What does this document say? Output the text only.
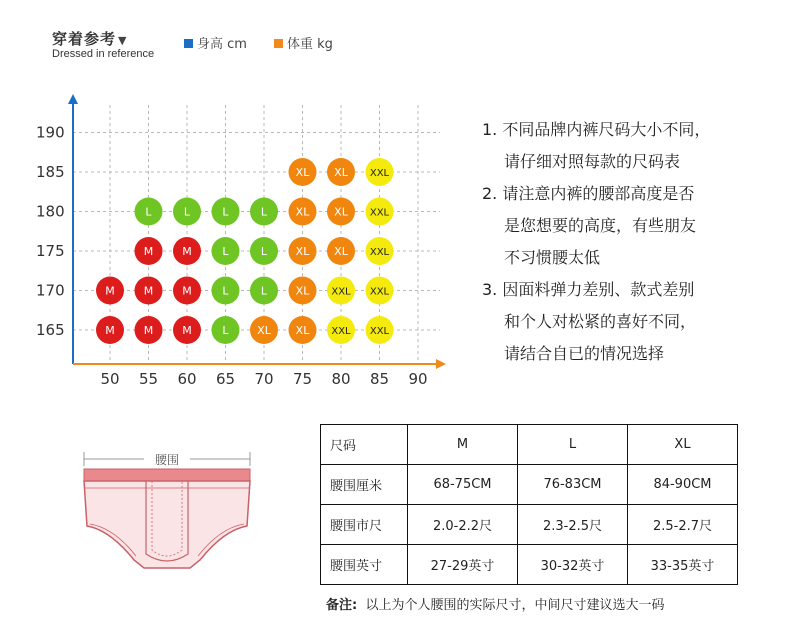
穿着参考 ▼
Dressed in reference
身高 cm	体重 kg
50 55 60 65 70 75 80 85 90
190
185
180
175
170
165
XL XL XXL
L	L	L	L	XL XL XXL
M	M	L	L	XL XL XXL
M	M	M	L	L	XL XXL XXL
M	M	M	L	XL XL XXL XXL
1. 不同品牌内裤尺码大小不同，
请仔细对照每款的尺码表
2. 请注意内裤的腰部高度是否
是您想要的高度，有些朋友
不习惯腰太低
3. 因面料弹力差别、款式差别
和个人对松紧的喜好不同，
请结合自已的情况选择
腰围
尺码	M	L	XL
腰围厘米	68-75CM	76-83CM	84-90CM
腰围市尺	2.0-2.2尺	2.3-2.5尺	2.5-2.7尺
腰围英寸	27-29英寸	30-32英寸	33-35英寸
备注: 以上为个人腰围的实际尺寸，中间尺寸建议选大一码
